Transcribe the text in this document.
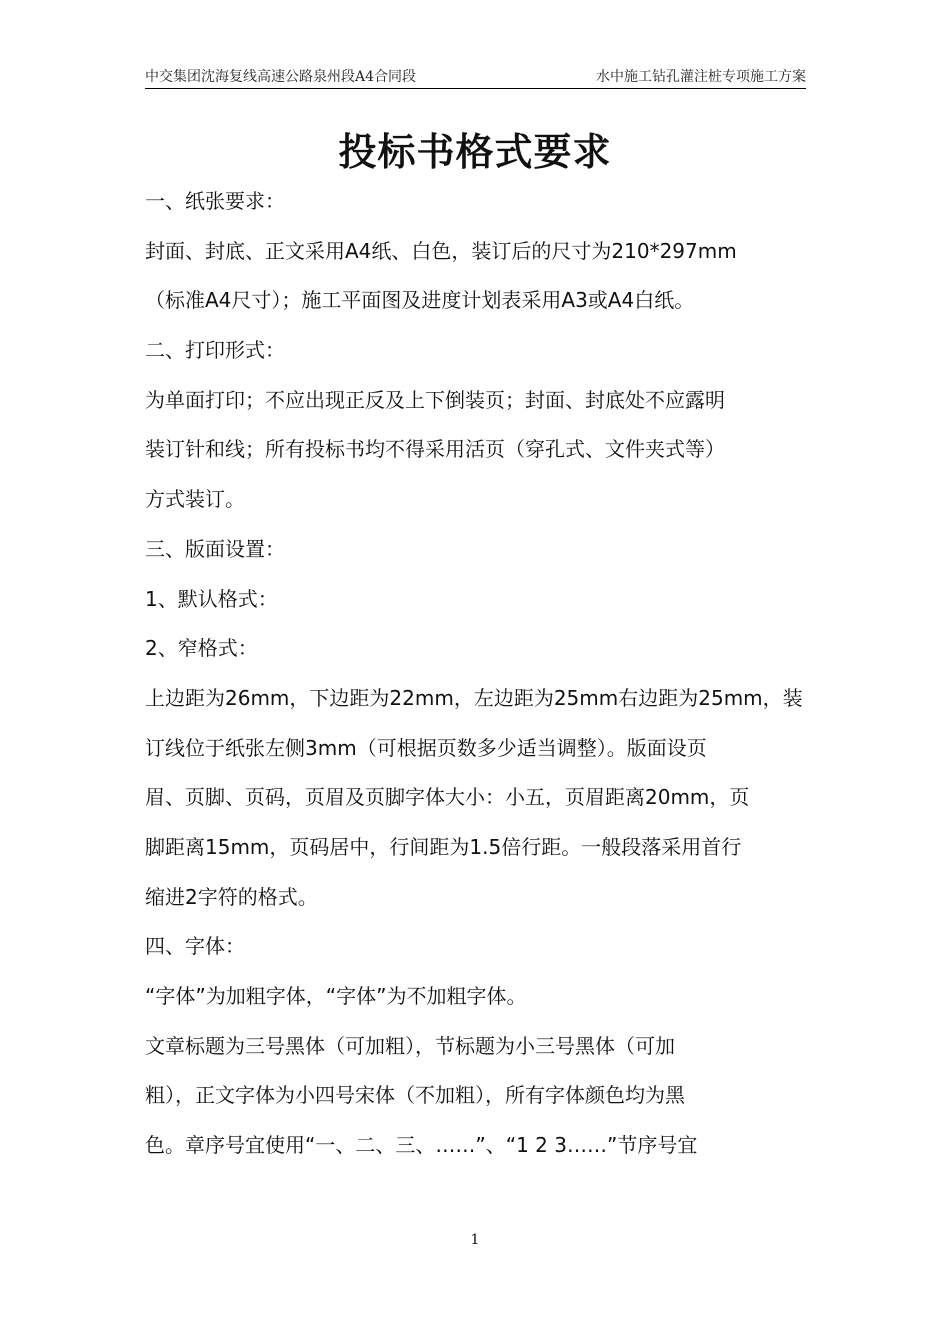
中交集团沈海复线高速公路泉州段A4合同段	水中施工钻孔灌注桩专项施工方案
投标书格式要求
一、纸张要求：
封面、封底、正文采用A4纸、白色，装订后的尺寸为210*297mm
（标准A4尺寸）；施工平面图及进度计划表采用A3或A4白纸。
二、打印形式：
为单面打印；不应出现正反及上下倒装页；封面、封底处不应露明
装订针和线；所有投标书均不得采用活页（穿孔式、文件夹式等）
方式装订。
三、版面设置：
1、默认格式：
2、窄格式：
上边距为26mm，下边距为22mm，左边距为25mm右边距为25mm，装
订线位于纸张左侧3mm（可根据页数多少适当调整）。版面设页
眉、页脚、页码，页眉及页脚字体大小：小五，页眉距离20mm，页
脚距离15mm，页码居中，行间距为1.5倍行距。一般段落采用首行
缩进2字符的格式。
四、字体：
“字体”为加粗字体，“字体”为不加粗字体。
文章标题为三号黑体（可加粗），节标题为小三号黑体（可加
粗），正文字体为小四号宋体（不加粗），所有字体颜色均为黑
色。章序号宜使用“一、二、三、……”、“1 2 3……”节序号宜
1
